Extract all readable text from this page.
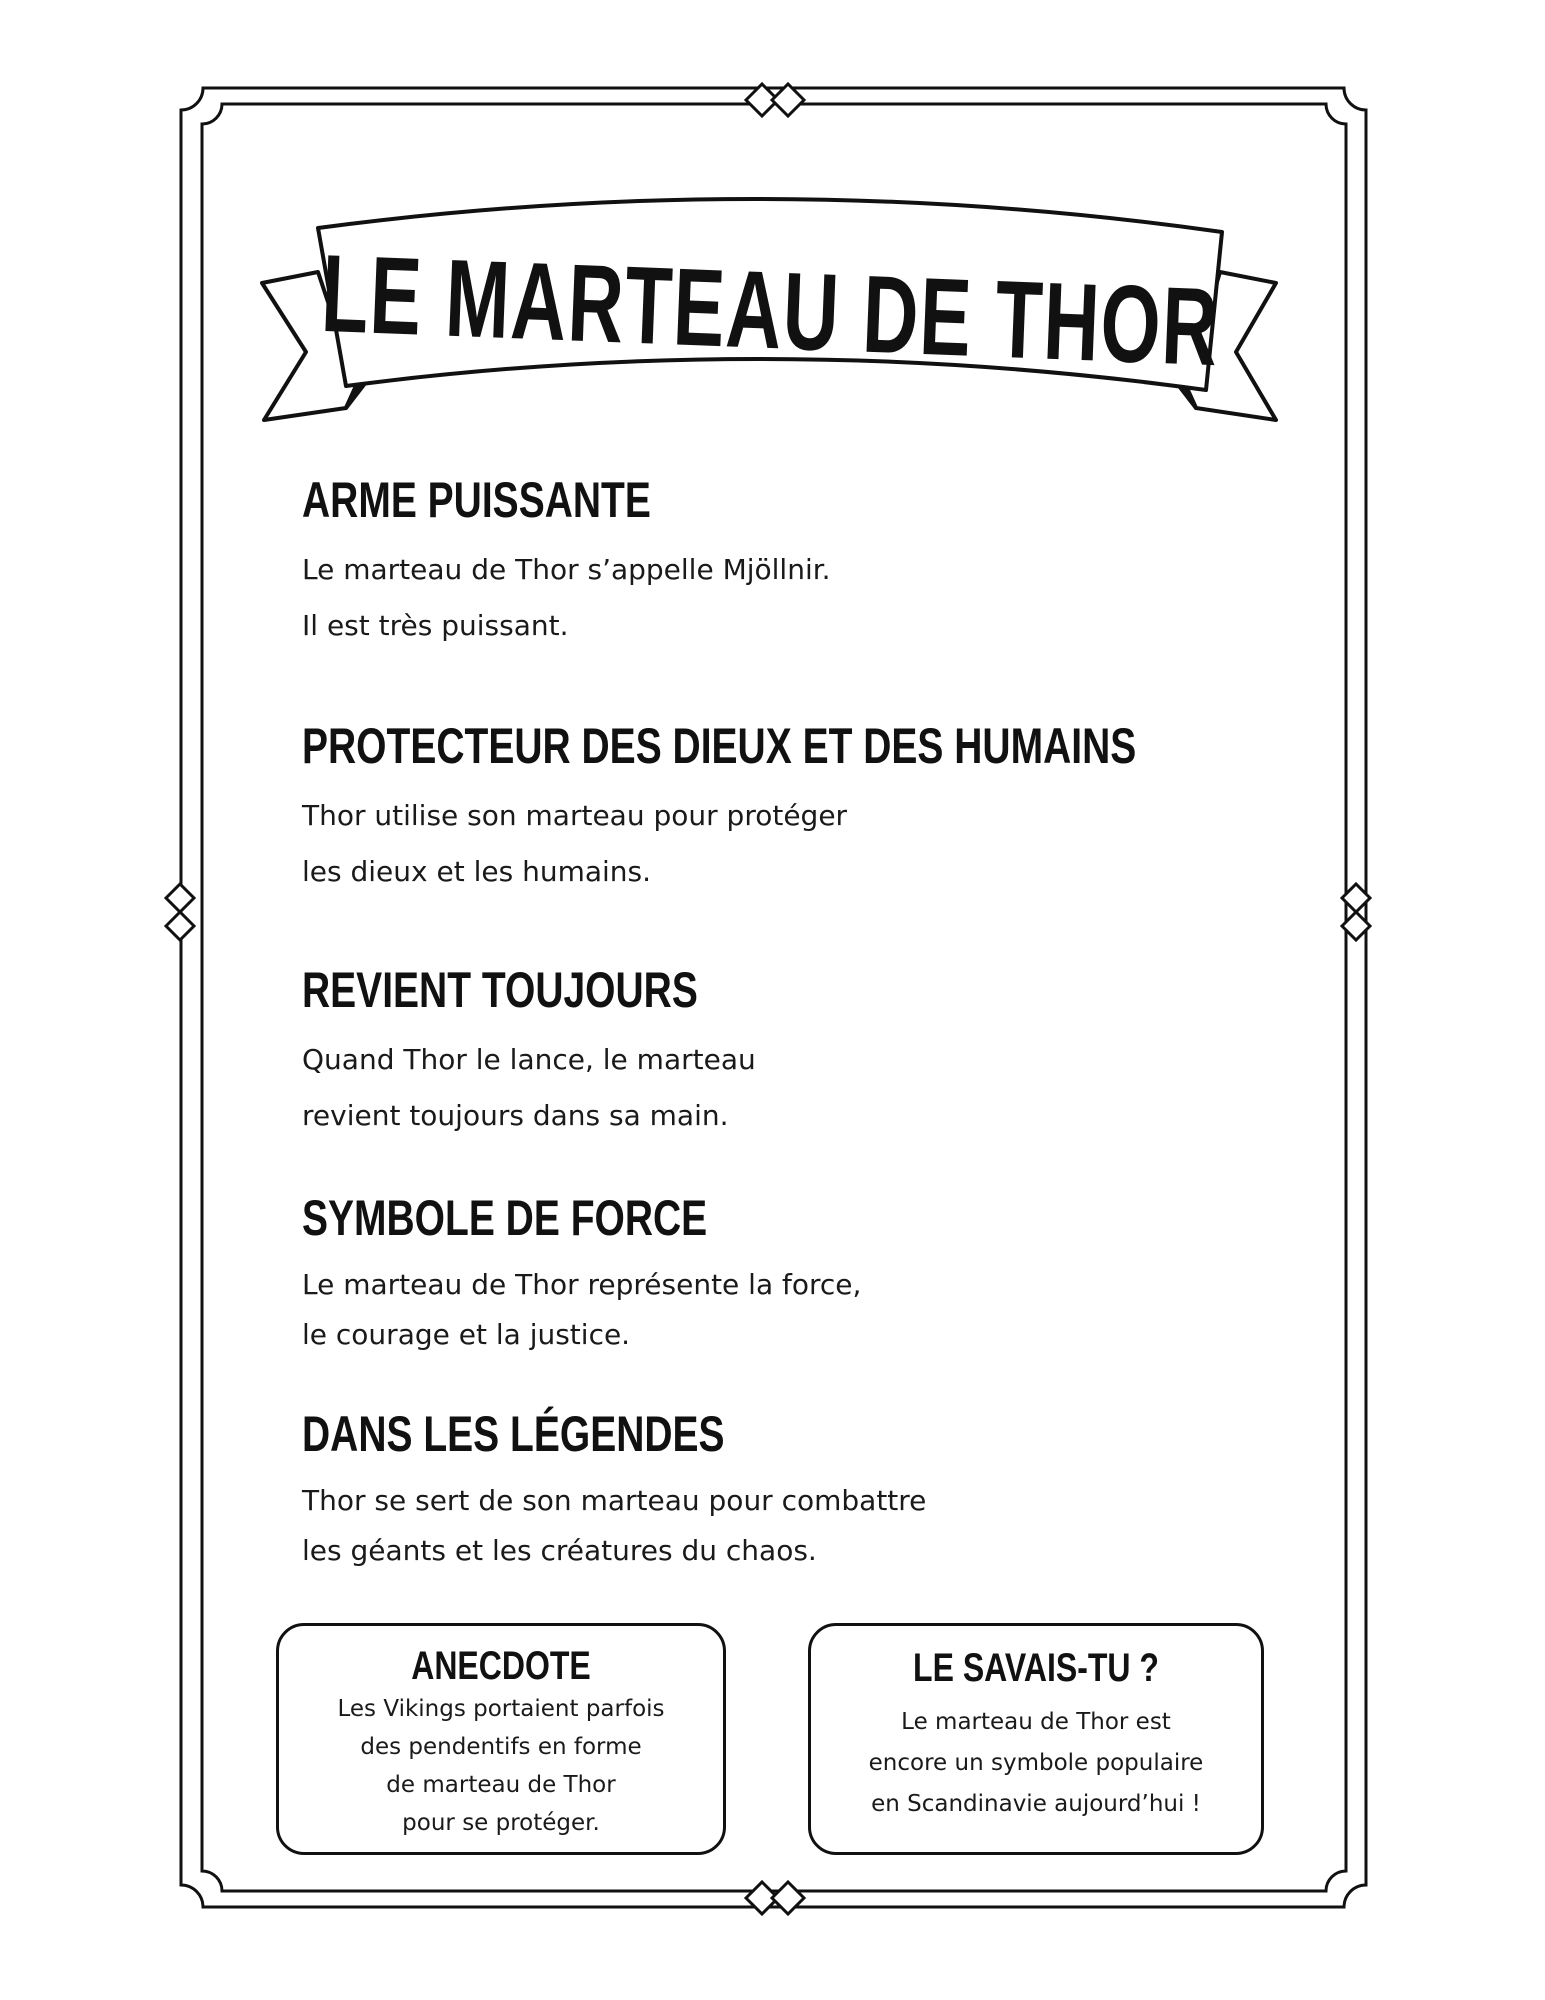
LE MARTEAU DE THOR
ARME PUISSANTE

Le marteau de Thor s’appelle Mjöllnir.
Il est très puissant.

PROTECTEUR DES DIEUX ET DES HUMAINS

Thor utilise son marteau pour protéger
les dieux et les humains.

REVIENT TOUJOURS

Quand Thor le lance, le marteau
revient toujours dans sa main.

SYMBOLE DE FORCE

Le marteau de Thor représente la force,
le courage et la justice.

DANS LES LÉGENDES

Thor se sert de son marteau pour combattre
les géants et les créatures du chaos.

ANECDOTE

Les Vikings portaient parfois
des pendentifs en forme
de marteau de Thor
pour se protéger.

LE SAVAIS-TU ?

Le marteau de Thor est
encore un symbole populaire
en Scandinavie aujourd’hui !
